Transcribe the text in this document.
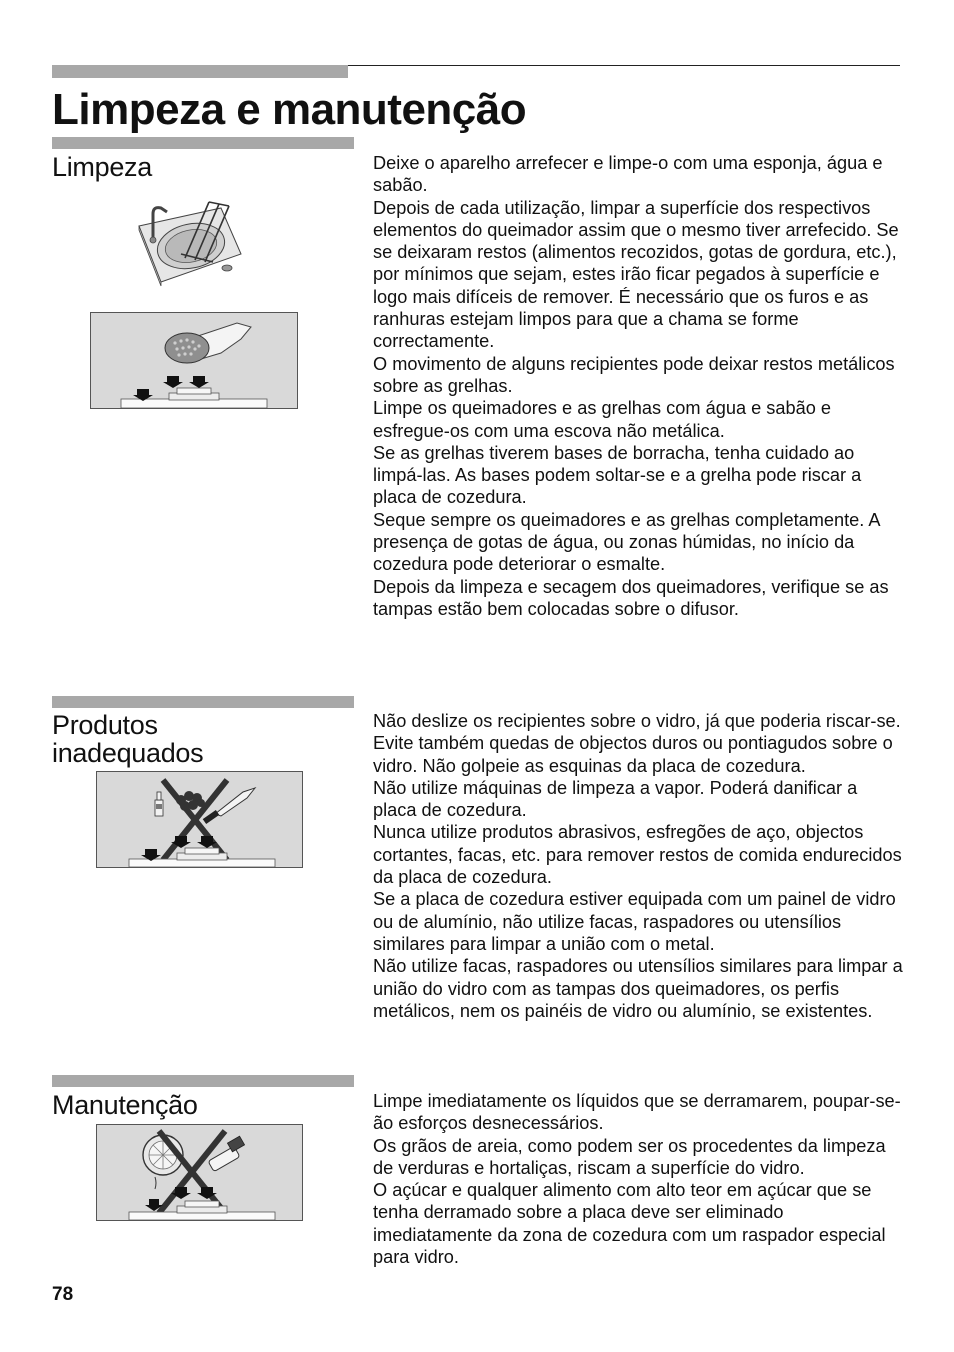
Limpeza e manutenção
Limpeza	Deixe o aparelho arrefecer e limpe-o com uma esponja, água e sabão.

Depois de cada utilização, limpar a superfície dos respectivos elementos do queimador assim que o mesmo tiver arrefecido. Se se deixaram restos (alimentos recozidos, gotas de gordura, etc.), por mínimos que sejam, estes irão ficar pegados à superfície e logo mais difíceis de remover. É necessário que os furos e as ranhuras estejam limpos para que a chama se forme correctamente.

O movimento de alguns recipientes pode deixar restos metálicos sobre as grelhas.

Limpe os queimadores e as grelhas com água e sabão e esfregue-os com uma escova não metálica.

Se as grelhas tiverem bases de borracha, tenha cuidado ao limpá-las. As bases podem soltar-se e a grelha pode riscar a placa de cozedura.

Seque sempre os queimadores e as grelhas completamente. A presença de gotas de água, ou zonas húmidas, no início da cozedura pode deteriorar o esmalte.

Depois da limpeza e secagem dos queimadores, verifique se as tampas estão bem colocadas sobre o difusor.

Produtos inadequados

Não deslize os recipientes sobre o vidro, já que poderia riscar-se. Evite também quedas de objectos duros ou pontiagudos sobre o vidro. Não golpeie as esquinas da placa de cozedura.

Não utilize máquinas de limpeza a vapor. Poderá danificar a placa de cozedura.

Nunca utilize produtos abrasivos, esfregões de aço, objectos cortantes, facas, etc. para remover restos de comida endurecidos da placa de cozedura.

Se a placa de cozedura estiver equipada com um painel de vidro ou de alumínio, não utilize facas, raspadores ou utensílios similares para limpar a união com o metal.

Não utilize facas, raspadores ou utensílios similares para limpar a união do vidro com as tampas dos queimadores, os perfis metálicos, nem os painéis de vidro ou alumínio, se existentes.

Manutenção	Limpe imediatamente os líquidos que se derramarem, poupar-se-ão esforços desnecessários.

Os grãos de areia, como podem ser os procedentes da limpeza de verduras e hortaliças, riscam a superfície do vidro.

O açúcar e qualquer alimento com alto teor em açúcar que se tenha derramado sobre a placa deve ser eliminado imediatamente da zona de cozedura com um raspador especial para vidro.

78
